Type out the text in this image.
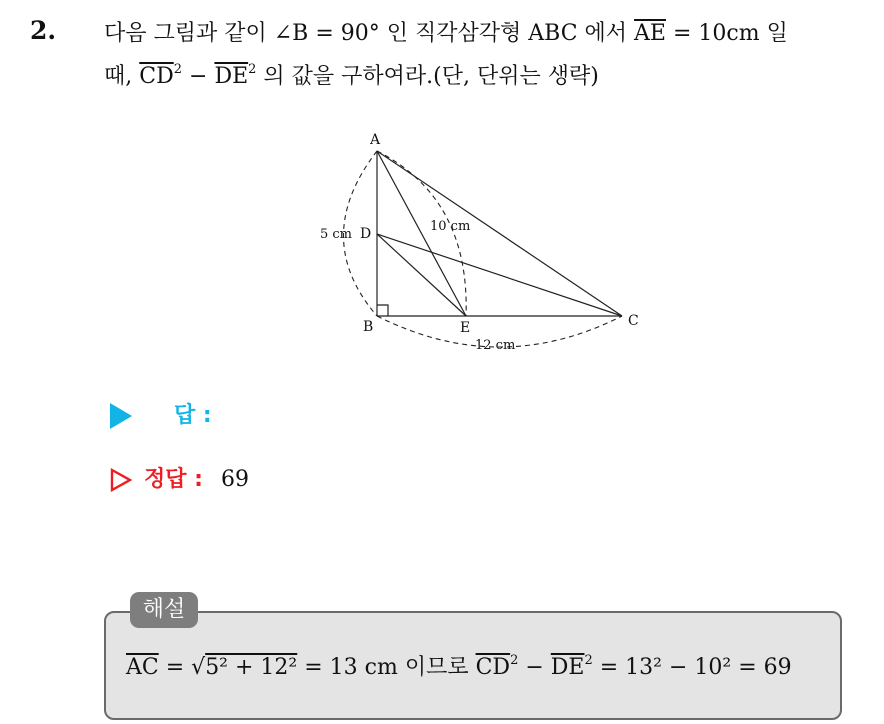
2. 다음 그림과 같이 ∠B = 90° 인 직각삼각형 ABC 에서 $\overline{AE} = 10cm$ 일
때, $\overline{CD}^2 - \overline{DE}^2$ 의 값을 구하여라.(단, 단위는 생략)
A
D
B	E	C
5 cm
10 cm
12 cm
답 :
정답 : 69
해설
$\overline{AC} = √5^2 + 12^2 = 13$ cm 이므로 $\overline{CD}^2 - \overline{DE}^2 = 13^2 - 10^2 = 69$
